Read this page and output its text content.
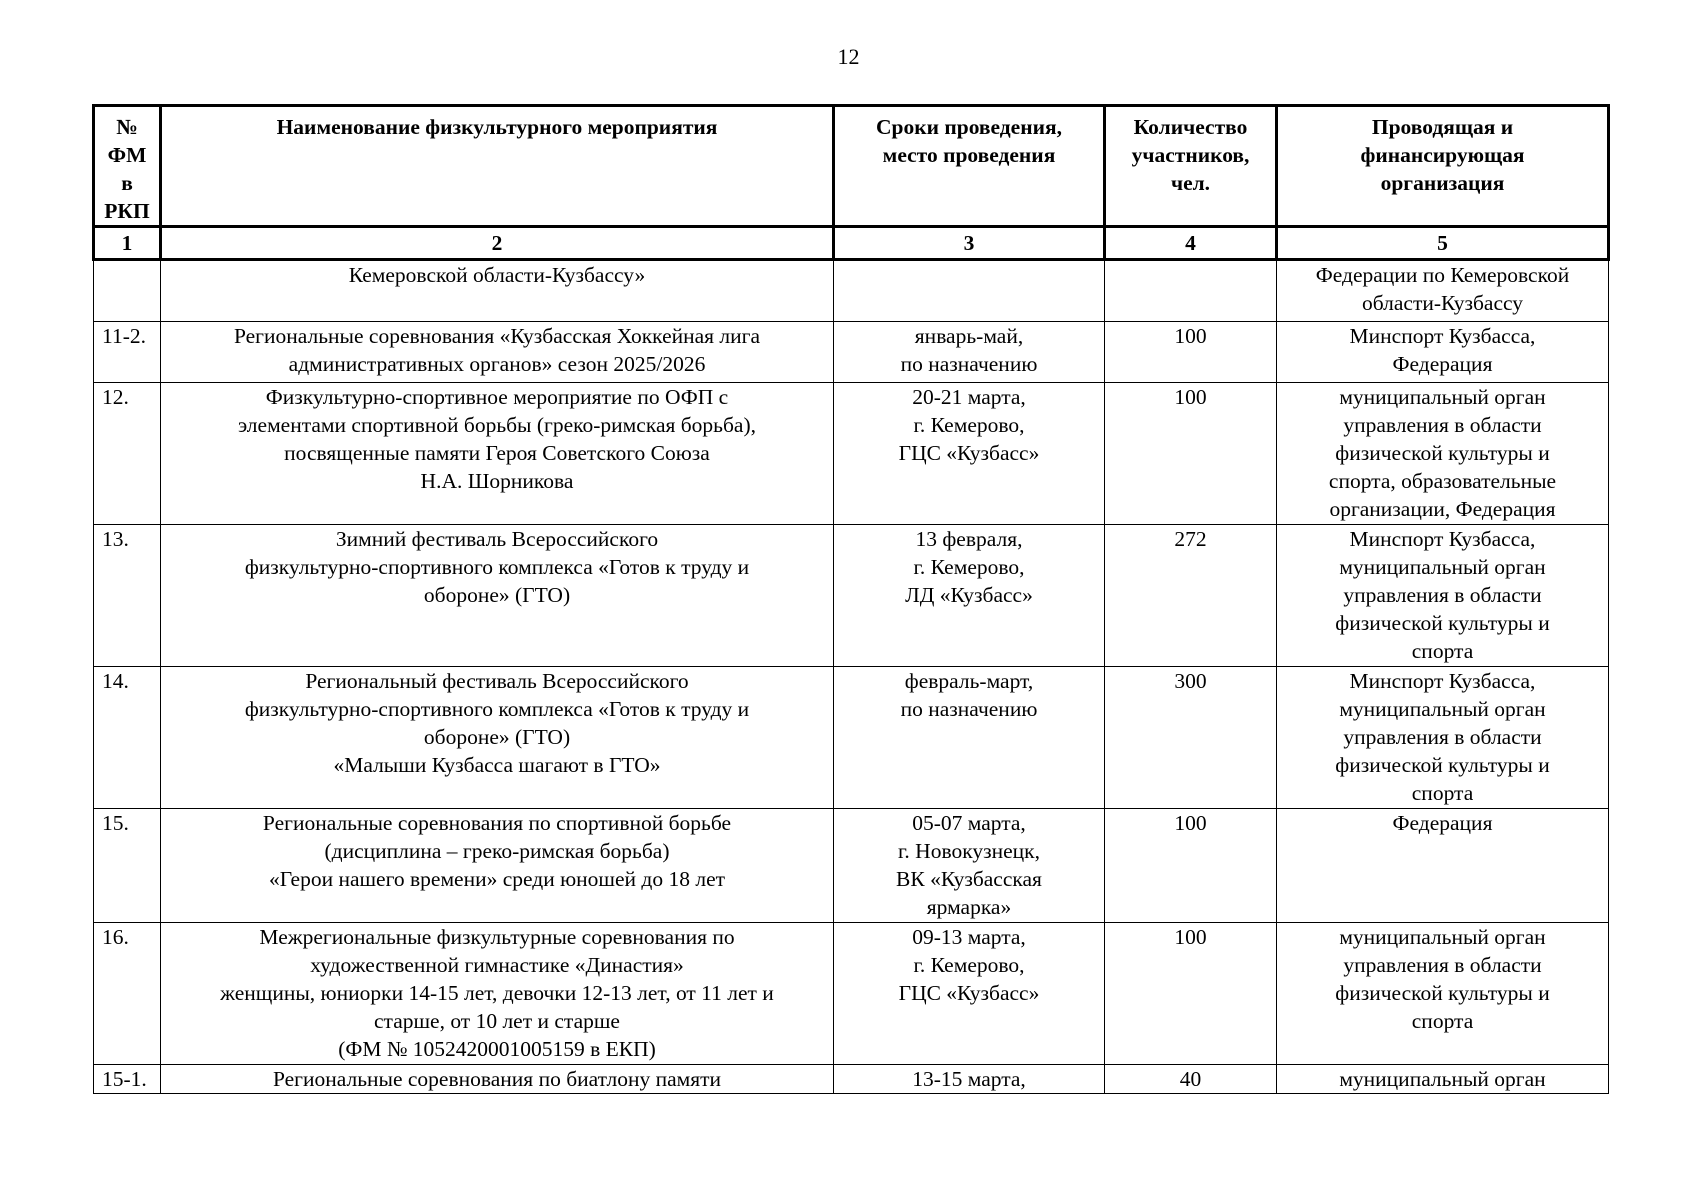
12
№
ФМ
в
РКП	Наименование физкультурного мероприятия	Сроки проведения,
место проведения	Количество
участников,
чел.	Проводящая и
финансирующая
организация

1	2	3	4	5

	Кемеровской области-Кузбассу»			Федерации по Кемеровской
области-Кузбассу

11-2.	Региональные соревнования «Кузбасская Хоккейная лига
административных органов» сезон 2025/2026	январь-май,
по назначению	100	Минспорт Кузбасса,
Федерация

12.	Физкультурно-спортивное мероприятие по ОФП с
элементами спортивной борьбы (греко-римская борьба),
посвященные памяти Героя Советского Союза
Н.А. Шорникова	20-21 марта,
г. Кемерово,
ГЦС «Кузбасс»	100	муниципальный орган
управления в области
физической культуры и
спорта, образовательные
организации, Федерация

13.	Зимний фестиваль Всероссийского
физкультурно-спортивного комплекса «Готов к труду и
обороне» (ГТО)	13 февраля,
г. Кемерово,
ЛД «Кузбасс»	272	Минспорт Кузбасса,
муниципальный орган
управления в области
физической культуры и
спорта

14.	Региональный фестиваль Всероссийского
физкультурно-спортивного комплекса «Готов к труду и
обороне» (ГТО)
«Малыши Кузбасса шагают в ГТО»	февраль-март,
по назначению	300	Минспорт Кузбасса,
муниципальный орган
управления в области
физической культуры и
спорта

15.	Региональные соревнования по спортивной борьбе
(дисциплина – греко-римская борьба)
«Герои нашего времени» среди юношей до 18 лет	05-07 марта,
г. Новокузнецк,
ВК «Кузбасская
ярмарка»	100	Федерация

16.	Межрегиональные физкультурные соревнования по
художественной гимнастике «Династия»
женщины, юниорки 14-15 лет, девочки 12-13 лет, от 11 лет и
старше, от 10 лет и старше
(ФМ № 1052420001005159 в ЕКП)	09-13 марта,
г. Кемерово,
ГЦС «Кузбасс»	100	муниципальный орган
управления в области
физической культуры и
спорта

15-1.	Региональные соревнования по биатлону памяти	13-15 марта,	40	муниципальный орган
